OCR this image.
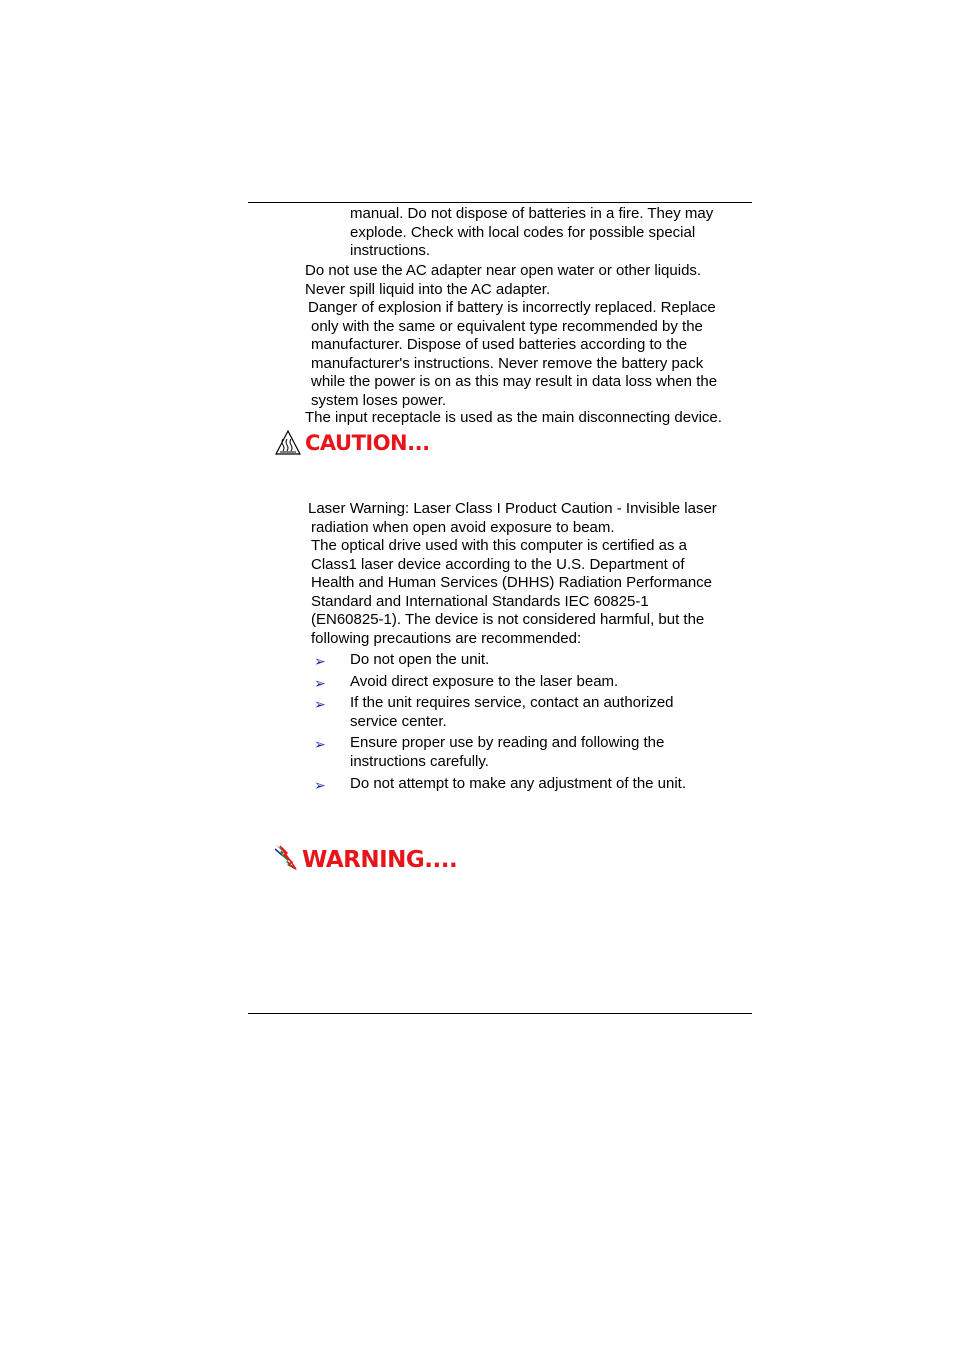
manual. Do not dispose of batteries in a fire. They may
explode. Check with local codes for possible special
instructions.

Do not use the AC adapter near open water or other liquids.
Never spill liquid into the AC adapter.

Danger of explosion if battery is incorrectly replaced. Replace
only with the same or equivalent type recommended by the
manufacturer. Dispose of used batteries according to the
manufacturer's instructions. Never remove the battery pack
while the power is on as this may result in data loss when the
system loses power.

The input receptacle is used as the main disconnecting device.

CAUTION...

Laser Warning: Laser Class I Product Caution - Invisible laser
radiation when open avoid exposure to beam.

The optical drive used with this computer is certified as a
Class1 laser device according to the U.S. Department of
Health and Human Services (DHHS) Radiation Performance
Standard and International Standards IEC 60825-1
(EN60825-1). The device is not considered harmful, but the
following precautions are recommended:

➢ Do not open the unit.
➢ Avoid direct exposure to the laser beam.
➢ If the unit requires service, contact an authorized
service center.
➢ Ensure proper use by reading and following the
instructions carefully.
➢ Do not attempt to make any adjustment of the unit.
WARNING....
